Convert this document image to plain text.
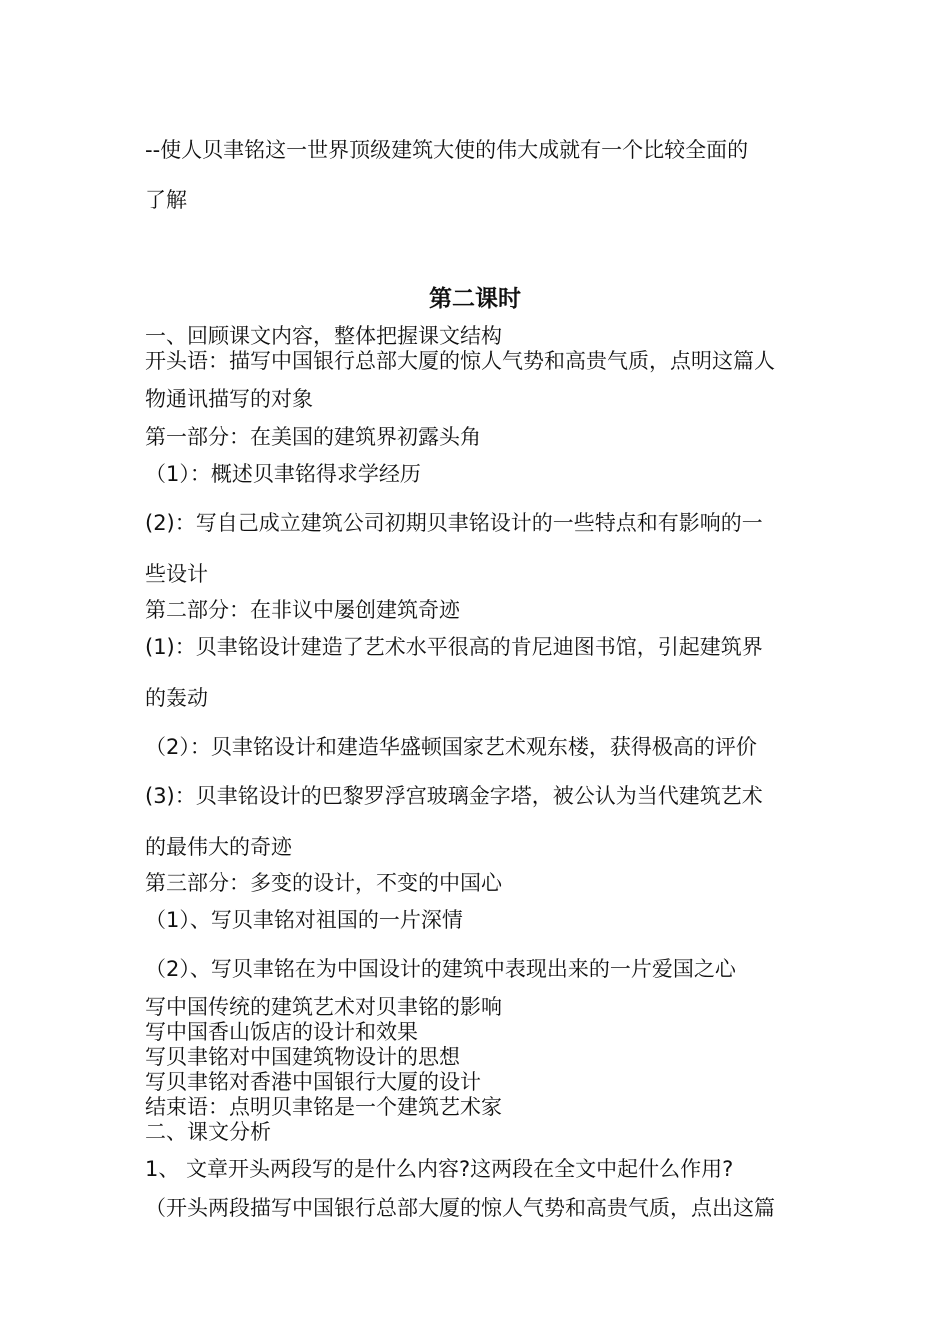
--使人贝聿铭这一世界顶级建筑大使的伟大成就有一个比较全面的

了解

第二课时

一、回顾课文内容，整体把握课文结构

开头语：描写中国银行总部大厦的惊人气势和高贵气质，点明这篇人

物通讯描写的对象

第一部分：在美国的建筑界初露头角

（1）：概述贝聿铭得求学经历

(2)：写自己成立建筑公司初期贝聿铭设计的一些特点和有影响的一

些设计

第二部分：在非议中屡创建筑奇迹

(1)：贝聿铭设计建造了艺术水平很高的肯尼迪图书馆，引起建筑界

的轰动

（2）：贝聿铭设计和建造华盛顿国家艺术观东楼，获得极高的评价

(3)：贝聿铭设计的巴黎罗浮宫玻璃金字塔，被公认为当代建筑艺术

的最伟大的奇迹

第三部分：多变的设计，不变的中国心

（1）、写贝聿铭对祖国的一片深情

（2）、写贝聿铭在为中国设计的建筑中表现出来的一片爱国之心

写中国传统的建筑艺术对贝聿铭的影响

写中国香山饭店的设计和效果

写贝聿铭对中国建筑物设计的思想

写贝聿铭对香港中国银行大厦的设计

结束语：点明贝聿铭是一个建筑艺术家

二、课文分析

1、 文章开头两段写的是什么内容?这两段在全文中起什么作用?

（开头两段描写中国银行总部大厦的惊人气势和高贵气质，点出这篇
